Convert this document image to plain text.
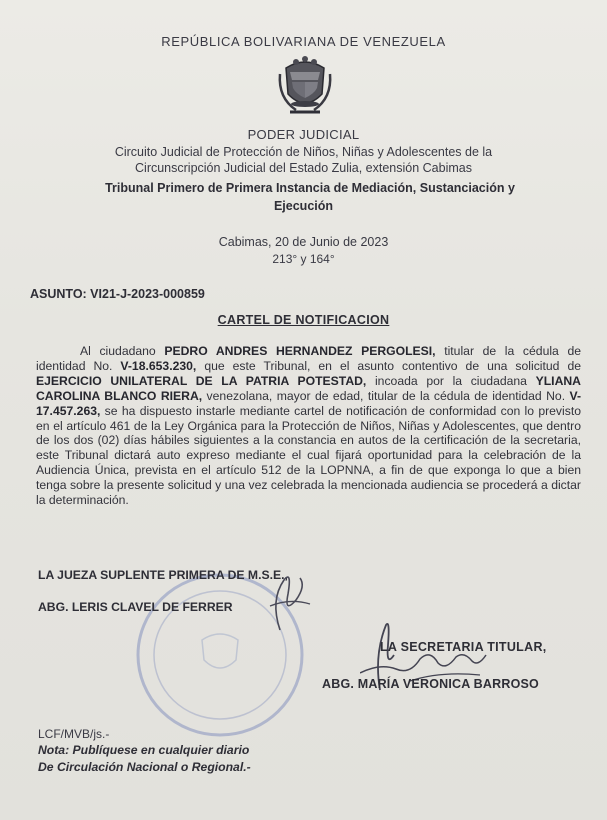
REPÚBLICA BOLIVARIANA DE VENEZUELA
PODER JUDICIAL
Circuito Judicial de Protección de Niños, Niñas y Adolescentes de la
Circunscripción Judicial del Estado Zulia, extensión Cabimas
Tribunal Primero de Primera Instancia de Mediación, Sustanciación y
Ejecución
Cabimas, 20 de Junio de 2023
213° y 164°
ASUNTO: VI21-J-2023-000859
CARTEL DE NOTIFICACION
Al ciudadano PEDRO ANDRES HERNANDEZ PERGOLESI, titular de la cédula de identidad No. V-18.653.230, que este Tribunal, en el asunto contentivo de una solicitud de EJERCICIO UNILATERAL DE LA PATRIA POTESTAD, incoada por la ciudadana YLIANA CAROLINA BLANCO RIERA, venezolana, mayor de edad, titular de la cédula de identidad No. V-17.457.263, se ha dispuesto instarle mediante cartel de notificación de conformidad con lo previsto en el artículo 461 de la Ley Orgánica para la Protección de Niños, Niñas y Adolescentes, que dentro de los dos (02) días hábiles siguientes a la constancia en autos de la certificación de la secretaria, este Tribunal dictará auto expreso mediante el cual fijará oportunidad para la celebración de la Audiencia Única, prevista en el artículo 512 de la LOPNNA, a fin de que exponga lo que a bien tenga sobre la presente solicitud y una vez celebrada la mencionada audiencia se procederá a dictar la determinación.
LA JUEZA SUPLENTE PRIMERA DE M.S.E.,
ABG. LERIS CLAVEL DE FERRER
LA SECRETARIA TITULAR,
ABG. MARÍA VERONICA BARROSO
LCF/MVB/js.-
Nota: Publíquese en cualquier diario
De Circulación Nacional o Regional.-
